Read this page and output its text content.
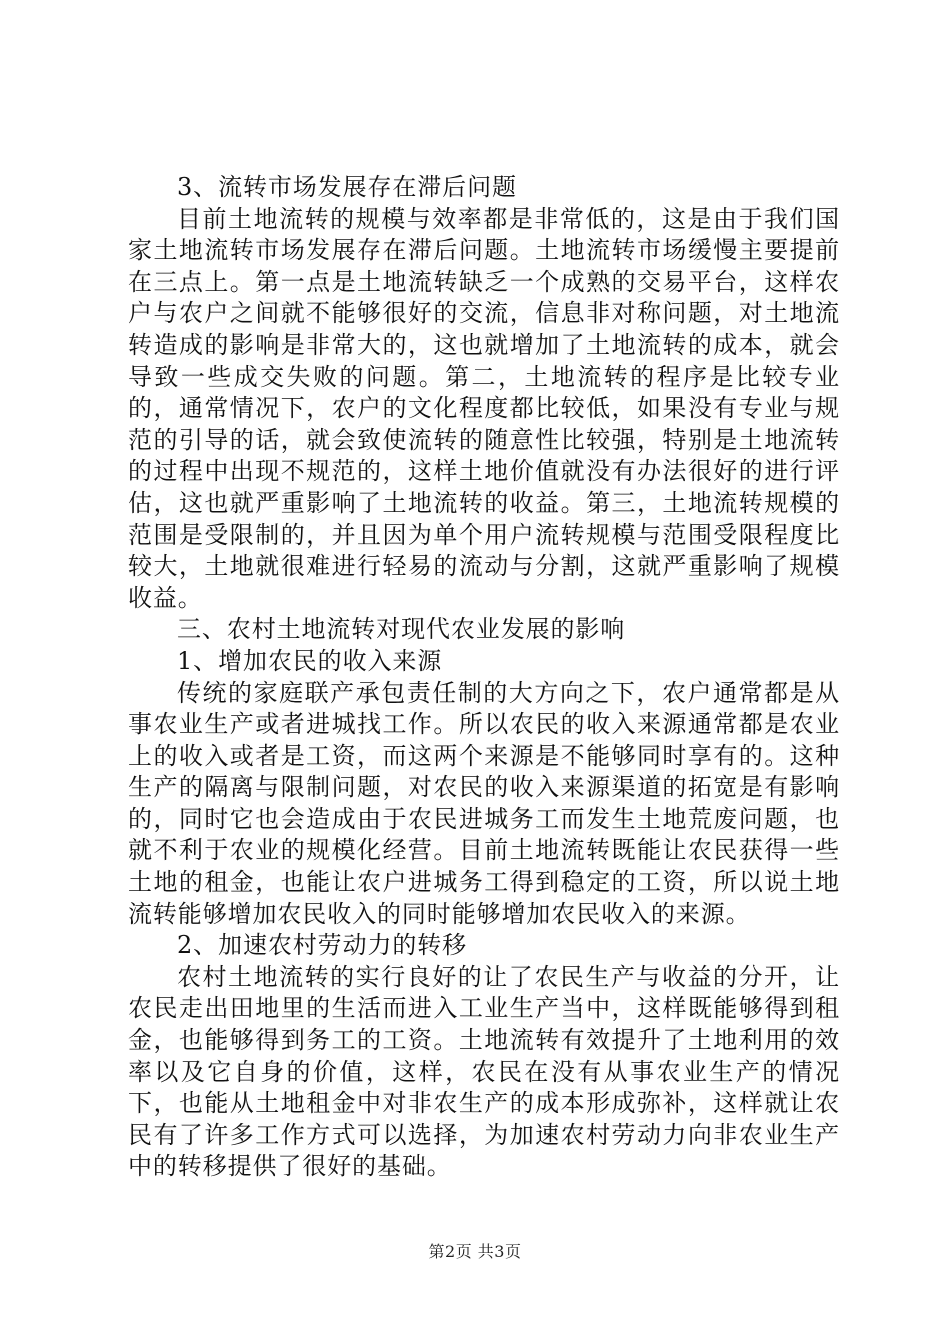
3、流转市场发展存在滞后问题

目前土地流转的规模与效率都是非常低的，这是由于我们国家土地流转市场发展存在滞后问题。土地流转市场缓慢主要提前在三点上。第一点是土地流转缺乏一个成熟的交易平台，这样农户与农户之间就不能够很好的交流，信息非对称问题，对土地流转造成的影响是非常大的，这也就增加了土地流转的成本，就会导致一些成交失败的问题。第二，土地流转的程序是比较专业的，通常情况下，农户的文化程度都比较低，如果没有专业与规范的引导的话，就会致使流转的随意性比较强，特别是土地流转的过程中出现不规范的，这样土地价值就没有办法很好的进行评估，这也就严重影响了土地流转的收益。第三，土地流转规模的范围是受限制的，并且因为单个用户流转规模与范围受限程度比较大，土地就很难进行轻易的流动与分割，这就严重影响了规模收益。

三、农村土地流转对现代农业发展的影响

1、增加农民的收入来源

传统的家庭联产承包责任制的大方向之下，农户通常都是从事农业生产或者进城找工作。所以农民的收入来源通常都是农业上的收入或者是工资，而这两个来源是不能够同时享有的。这种生产的隔离与限制问题，对农民的收入来源渠道的拓宽是有影响的，同时它也会造成由于农民进城务工而发生土地荒废问题，也就不利于农业的规模化经营。目前土地流转既能让农民获得一些土地的租金，也能让农户进城务工得到稳定的工资，所以说土地流转能够增加农民收入的同时能够增加农民收入的来源。

2、加速农村劳动力的转移

农村土地流转的实行良好的让了农民生产与收益的分开，让农民走出田地里的生活而进入工业生产当中，这样既能够得到租金，也能够得到务工的工资。土地流转有效提升了土地利用的效率以及它自身的价值，这样，农民在没有从事农业生产的情况下，也能从土地租金中对非农生产的成本形成弥补，这样就让农民有了许多工作方式可以选择，为加速农村劳动力向非农业生产中的转移提供了很好的基础。

第2页 共3页
